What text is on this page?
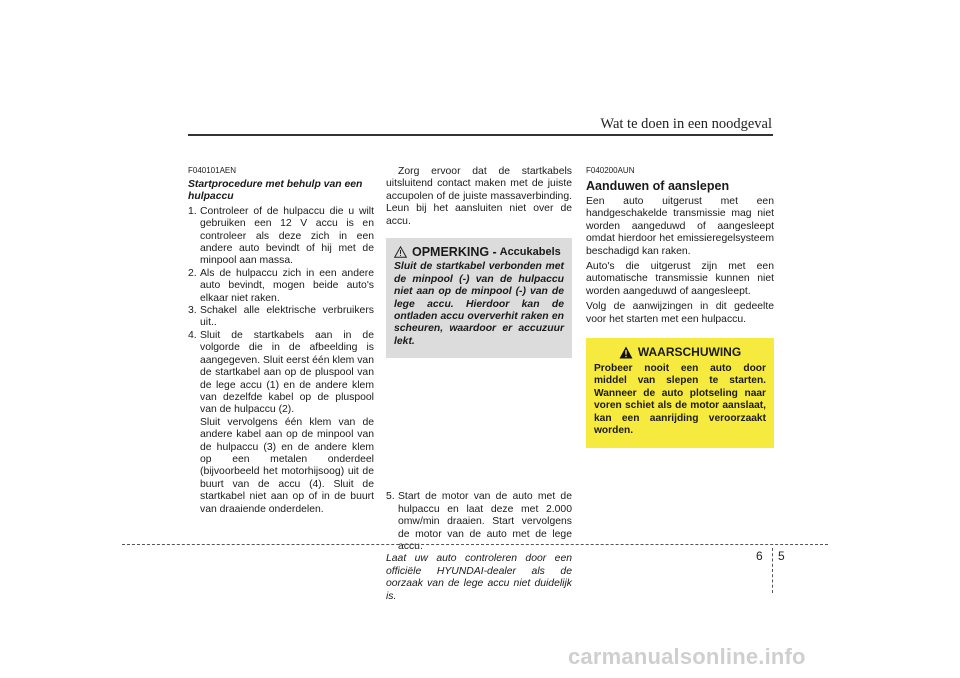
Wat te doen in een noodgeval
F040101AEN
Startprocedure met behulp van een hulpaccu
1. Controleer of de hulpaccu die u wilt gebruiken een 12 V accu is en controleer als deze zich in een andere auto bevindt of hij met de minpool aan massa.
2. Als de hulpaccu zich in een andere auto bevindt, mogen beide auto's elkaar niet raken.
3. Schakel alle elektrische verbruikers uit..
4. Sluit de startkabels aan in de volgorde die in de afbeelding is aangegeven. Sluit eerst één klem van de startkabel aan op de pluspool van de lege accu (1) en de andere klem van dezelfde kabel op de pluspool van de hulpaccu (2).
Sluit vervolgens één klem van de andere kabel aan op de minpool van de hulpaccu (3) en de andere klem op een metalen onderdeel (bijvoorbeeld het motorhijsoog) uit de buurt van de accu (4). Sluit de startkabel niet aan op of in de buurt van draaiende onderdelen.

Zorg ervoor dat de startkabels uitsluitend contact maken met de juiste accupolen of de juiste massaverbinding. Leun bij het aansluiten niet over de accu.

OPMERKING -
Accukabels

Sluit de startkabel verbonden met de minpool (-) van de hulpaccu niet aan op de minpool (-) van de lege accu. Hierdoor kan de ontladen accu oververhit raken en scheuren, waardoor er accuzuur lekt.

5. Start de motor van de auto met de hulpaccu en laat deze met 2.000 omw/min draaien. Start vervolgens de motor van de auto met de lege accu.

Laat uw auto controleren door een officiële HYUNDAI-dealer als de oorzaak van de lege accu niet duidelijk is.

F040200AUN
Aanduwen of aanslepen

Een auto uitgerust met een handgeschakelde transmissie mag niet worden aangeduwd of aangesleept omdat hierdoor het emissieregelsysteem beschadigd kan raken.

Auto's die uitgerust zijn met een automatische transmissie kunnen niet worden aangeduwd of aangesleept.

Volg de aanwijzingen in dit gedeelte voor het starten met een hulpaccu.

WAARSCHUWING

Probeer nooit een auto door middel van slepen te starten. Wanneer de auto plotseling naar voren schiet als de motor aanslaat, kan een aanrijding veroorzaakt worden.

6 5
carmanualsonline.info
